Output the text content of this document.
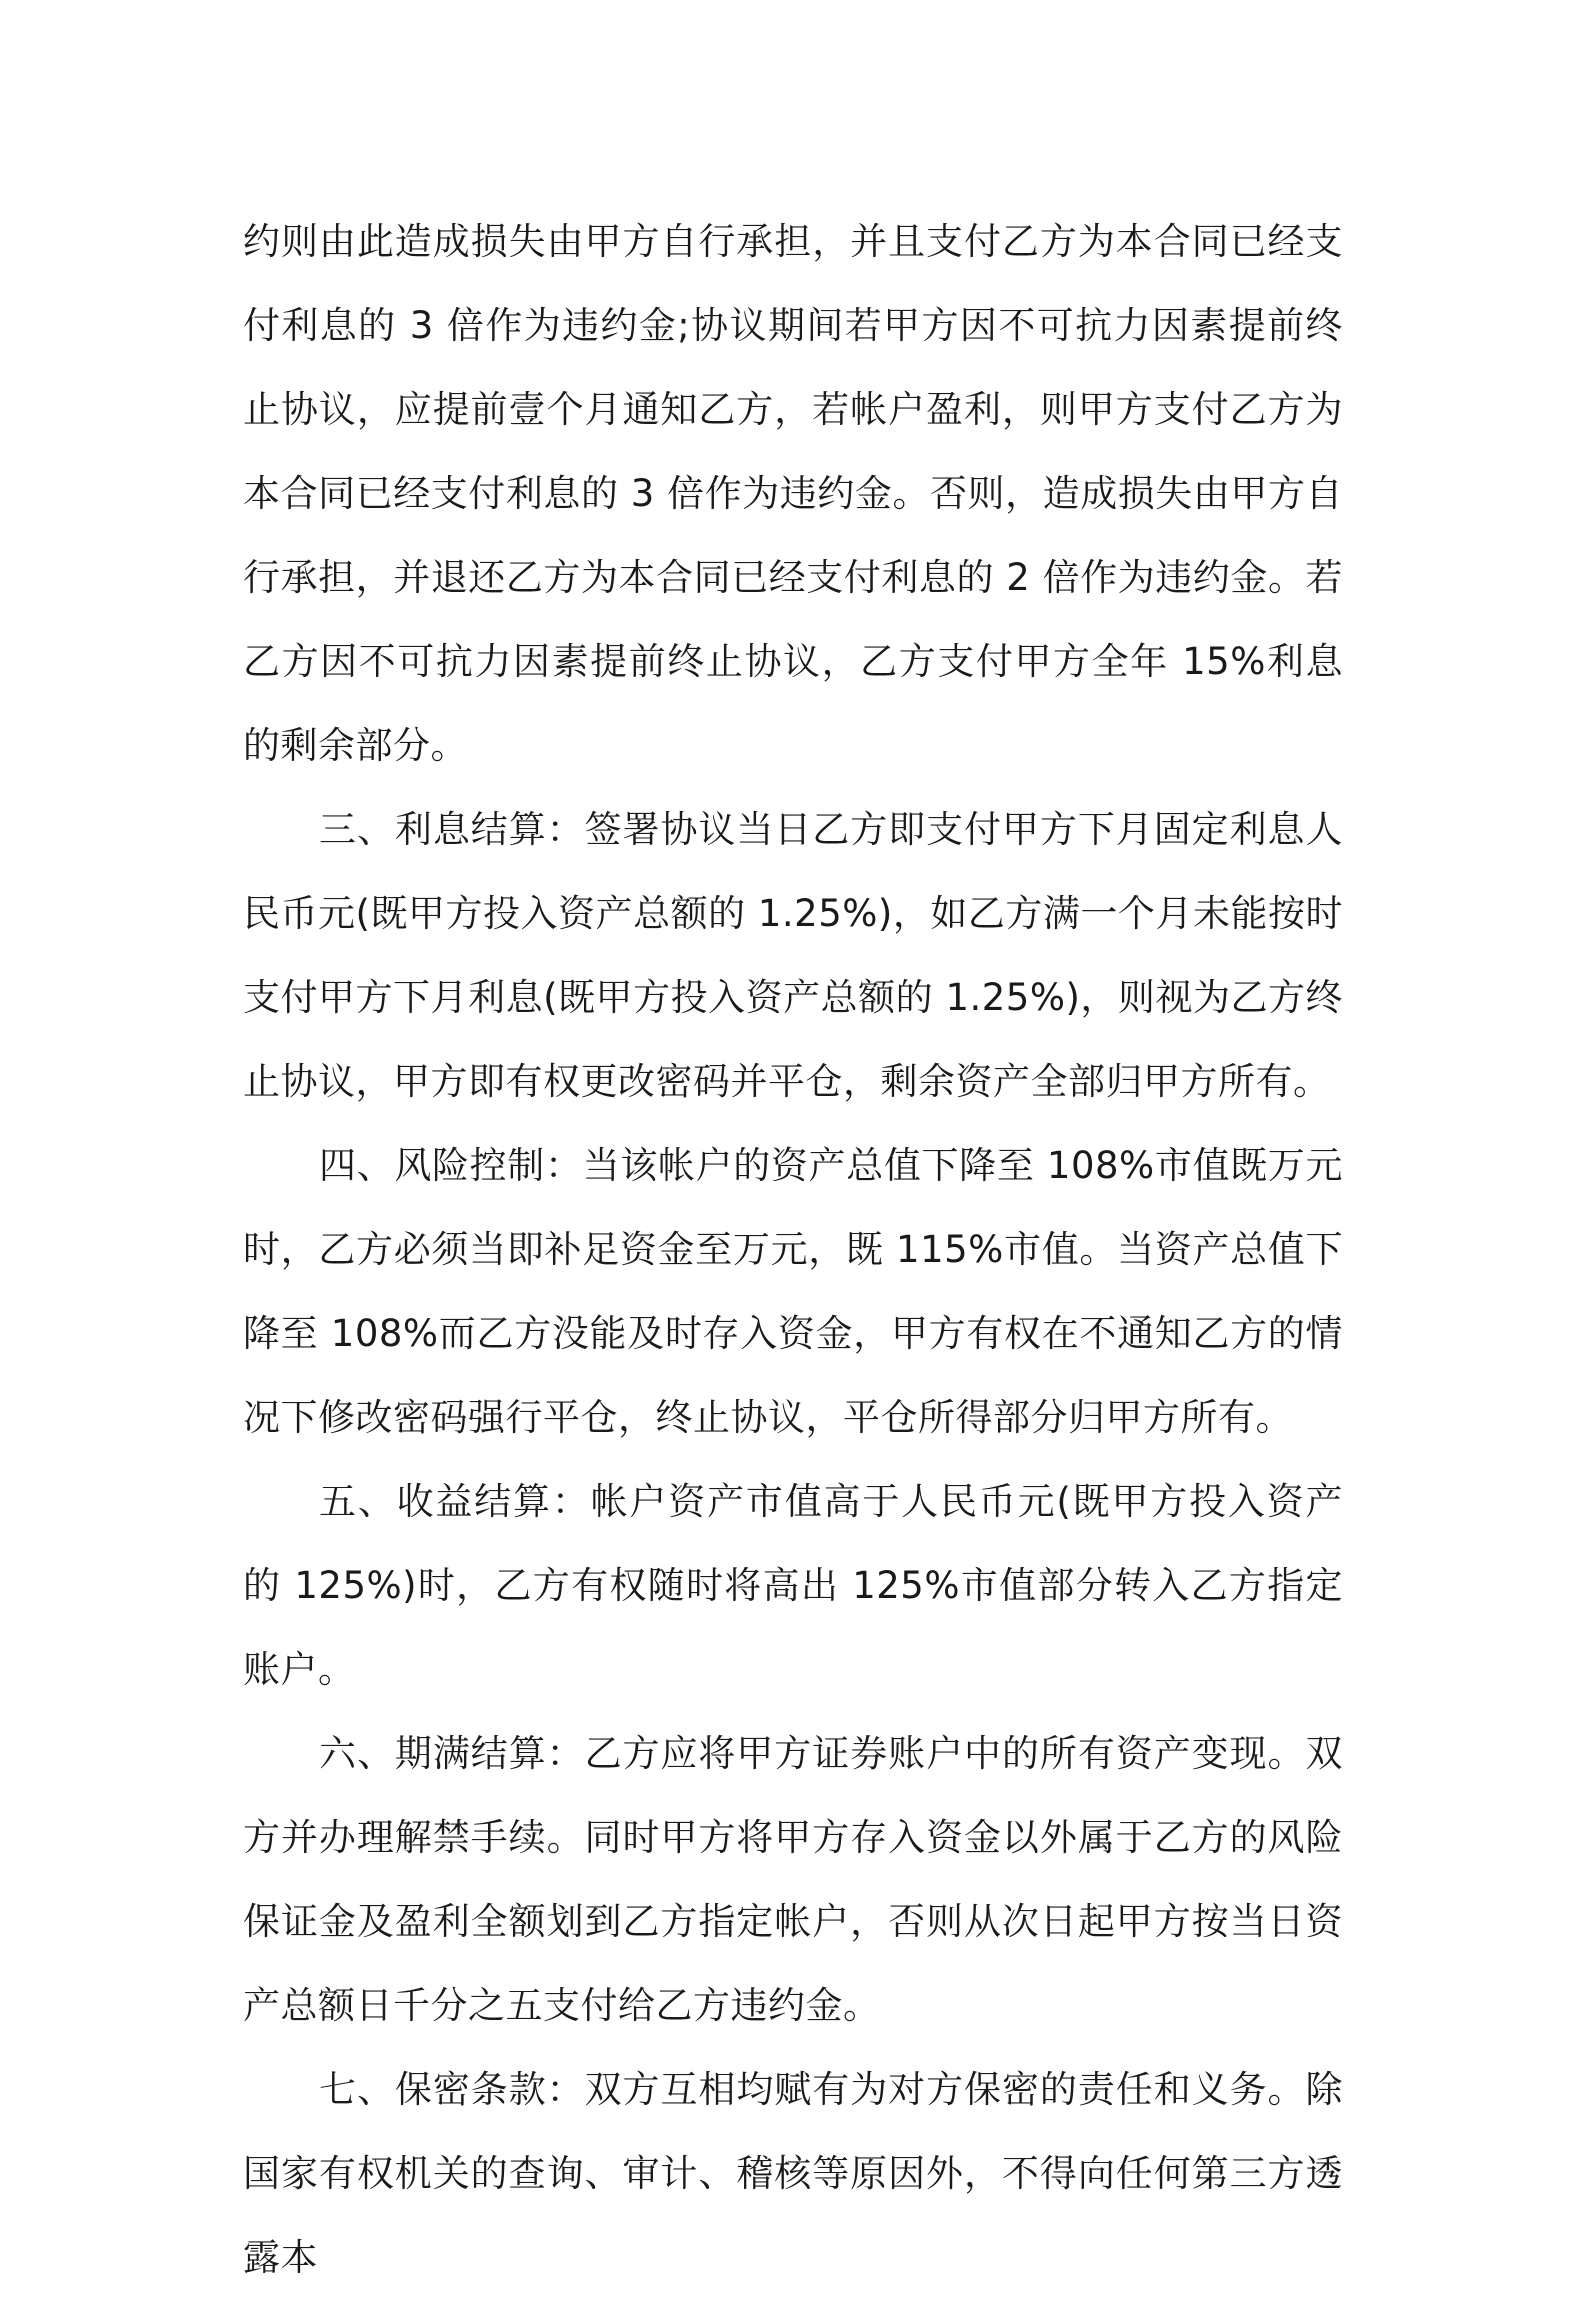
约则由此造成损失由甲方自行承担，并且支付乙方为本合同已经支付利息的 3 倍作为违约金;协议期间若甲方因不可抗力因素提前终止协议，应提前壹个月通知乙方，若帐户盈利，则甲方支付乙方为本合同已经支付利息的 3 倍作为违约金。否则，造成损失由甲方自行承担，并退还乙方为本合同已经支付利息的 2 倍作为违约金。若乙方因不可抗力因素提前终止协议，乙方支付甲方全年 15%利息的剩余部分。

三、利息结算：签署协议当日乙方即支付甲方下月固定利息人民币元(既甲方投入资产总额的 1.25%)，如乙方满一个月未能按时支付甲方下月利息(既甲方投入资产总额的 1.25%)，则视为乙方终止协议，甲方即有权更改密码并平仓，剩余资产全部归甲方所有。

四、风险控制：当该帐户的资产总值下降至 108%市值既万元时，乙方必须当即补足资金至万元，既 115%市值。当资产总值下降至 108%而乙方没能及时存入资金，甲方有权在不通知乙方的情况下修改密码强行平仓，终止协议，平仓所得部分归甲方所有。

五、收益结算：帐户资产市值高于人民币元(既甲方投入资产的 125%)时，乙方有权随时将高出 125%市值部分转入乙方指定账户。

六、期满结算：乙方应将甲方证券账户中的所有资产变现。双方并办理解禁手续。同时甲方将甲方存入资金以外属于乙方的风险保证金及盈利全额划到乙方指定帐户，否则从次日起甲方按当日资产总额日千分之五支付给乙方违约金。

七、保密条款：双方互相均赋有为对方保密的责任和义务。除国家有权机关的查询、审计、稽核等原因外，不得向任何第三方透露本
